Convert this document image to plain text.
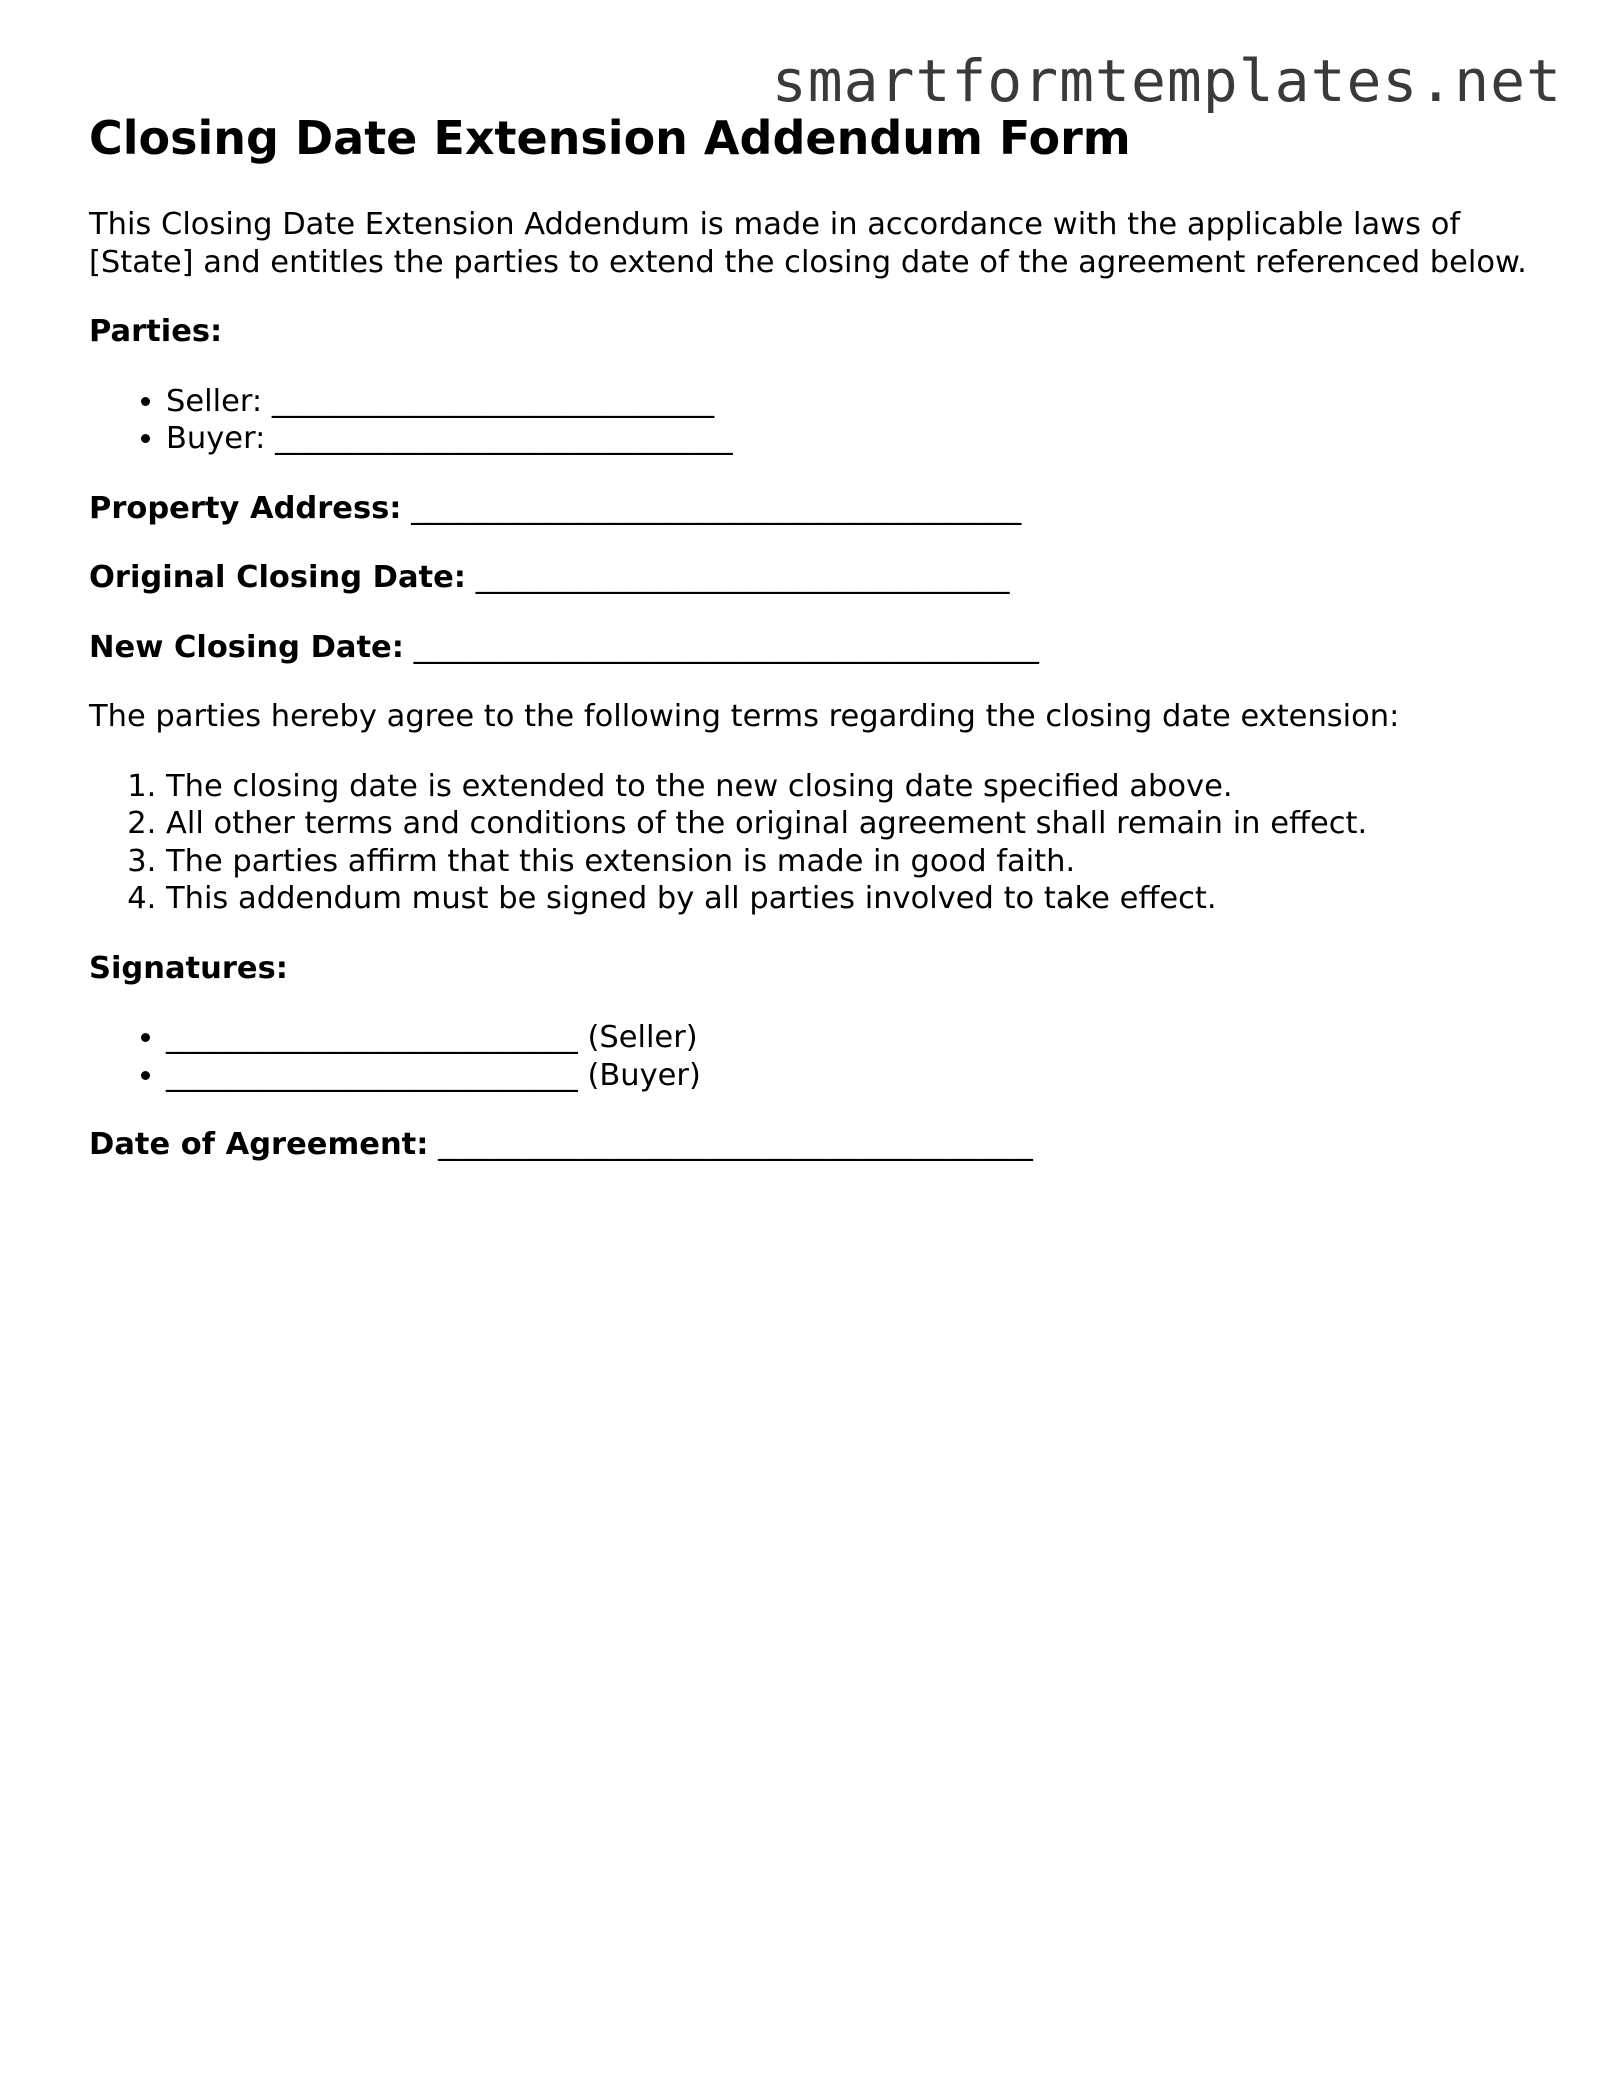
smartformtemplates.net
Closing Date Extension Addendum Form

This Closing Date Extension Addendum is made in accordance with the applicable laws of [State] and entitles the parties to extend the closing date of the agreement referenced below.

Parties:

• Seller: _____________________________
• Buyer: ______________________________

Property Address: ________________________________________

Original Closing Date: ___________________________________

New Closing Date: _________________________________________

The parties hereby agree to the following terms regarding the closing date extension:

1. The closing date is extended to the new closing date specified above.
2. All other terms and conditions of the original agreement shall remain in effect.
3. The parties affirm that this extension is made in good faith.
4. This addendum must be signed by all parties involved to take effect.

Signatures:

• ___________________________ (Seller)
• ___________________________ (Buyer)

Date of Agreement: _______________________________________
